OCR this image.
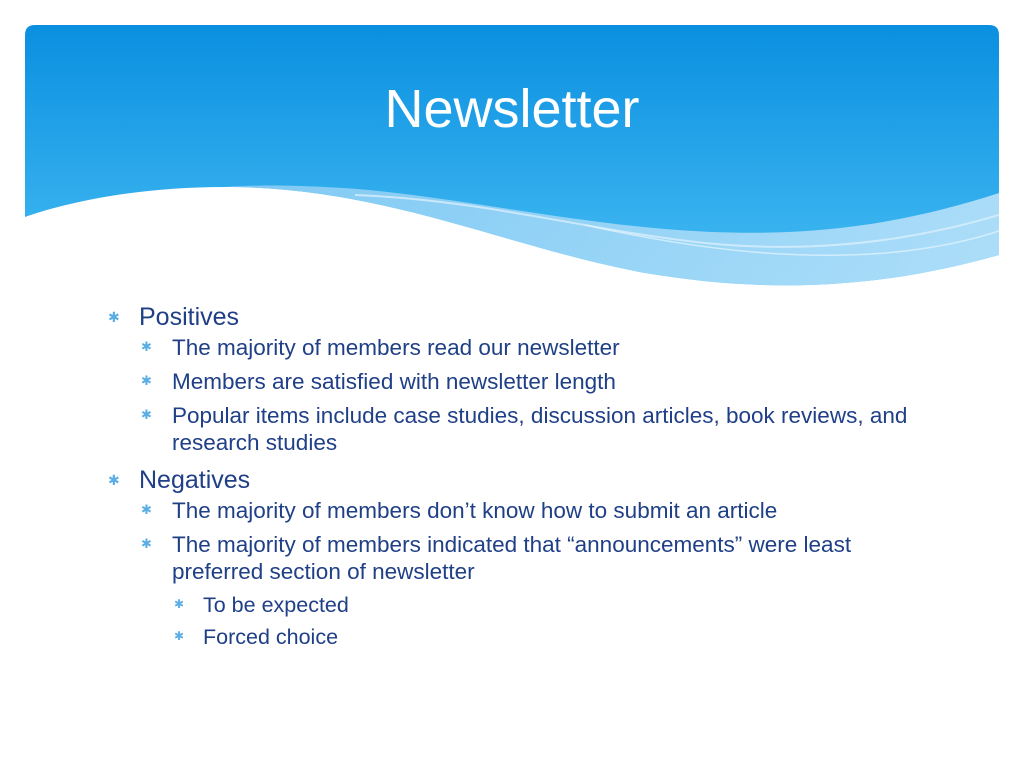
Newsletter
✱ Positives
✱ The majority of members read our newsletter
✱ Members are satisfied with newsletter length
✱ Popular items include case studies, discussion articles, book reviews, and research studies
✱ Negatives
✱ The majority of members don’t know how to submit an article
✱ The majority of members indicated that “announcements” were least preferred section of newsletter
✱ To be expected
✱ Forced choice
